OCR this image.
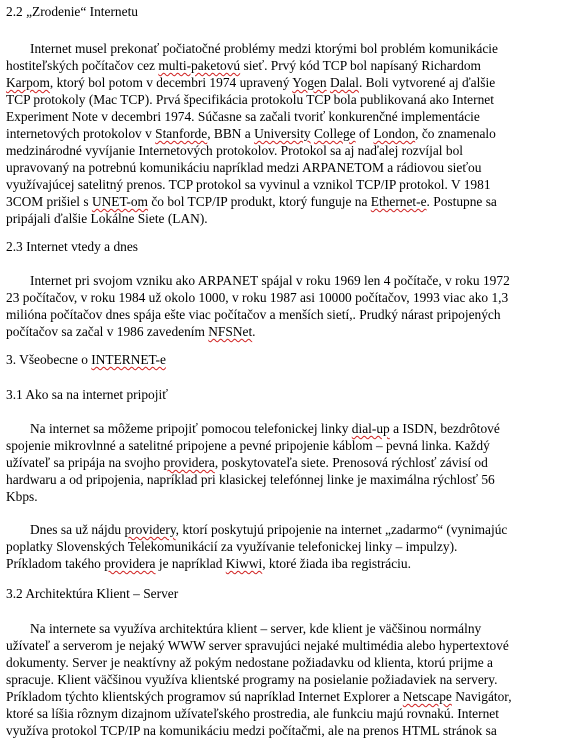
2.2 „Zrodenie“ Internetu
Internet musel prekonať počiatočné problémy medzi ktorými bol problém komunikácie
hostiteľských počítačov cez multi-paketovú sieť. Prvý kód TCP bol napísaný Richardom
Karpom, ktorý bol potom v decembri 1974 upravený Yogen Dalal. Boli vytvorené aj ďalšie
TCP protokoly (Mac TCP). Prvá špecifikácia protokolu TCP bola publikovaná ako Internet
Experiment Note v decembri 1974. Súčasne sa začali tvoriť konkurenčné implementácie
internetových protokolov v Stanforde, BBN a University College of London, čo znamenalo
medzinárodné vyvíjanie Internetových protokolov. Protokol sa aj naďalej rozvíjal bol
upravovaný na potrebnú komunikáciu napríklad medzi ARPANETOM a rádiovou sieťou
využívajúcej satelitný prenos. TCP protokol sa vyvinul a vznikol TCP/IP protokol. V 1981
3COM prišiel s UNET-om čo bol TCP/IP produkt, ktorý funguje na Ethernet-e. Postupne sa
pripájali ďalšie Lokálne Siete (LAN).
2.3 Internet vtedy a dnes
Internet pri svojom vzniku ako ARPANET spájal v roku 1969 len 4 počítače, v roku 1972
23 počítačov, v roku 1984 už okolo 1000, v roku 1987 asi 10000 počítačov, 1993 viac ako 1,3
milióna počítačov dnes spája ešte viac počítačov a menších sietí,. Prudký nárast pripojených
počítačov sa začal v 1986 zavedením NFSNet.
3. Všeobecne o INTERNET-e
3.1 Ako sa na internet pripojiť
Na internet sa môžeme pripojiť pomocou telefonickej linky dial-up a ISDN, bezdrôtové
spojenie mikrovlnné a satelitné pripojene a pevné pripojenie káblom – pevná linka. Každý
užívateľ sa pripája na svojho providera, poskytovateľa siete. Prenosová rýchlosť závisí od
hardwaru a od pripojenia, napríklad pri klasickej telefónnej linke je maximálna rýchlosť 56
Kbps.
Dnes sa už nájdu providery, ktorí poskytujú pripojenie na internet „zadarmo“ (vynimajúc
poplatky Slovenských Telekomunikácií za využívanie telefonickej linky – impulzy).
Príkladom takého providera je napríklad Kiwwi, ktoré žiada iba registráciu.
3.2 Architektúra Klient – Server
Na internete sa využíva architektúra klient – server, kde klient je väčšinou normálny
užívateľ a serverom je nejaký WWW server spravujúci nejaké multimédia alebo hypertextové
dokumenty. Server je neaktívny až pokým nedostane požiadavku od klienta, ktorú prijme a
spracuje. Klient väčšinou využíva klientské programy na posielanie požiadaviek na servery.
Príkladom týchto klientských programov sú napríklad Internet Explorer a Netscape Navigátor,
ktoré sa líšia rôznym dizajnom užívateľského prostredia, ale funkciu majú rovnakú. Internet
využíva protokol TCP/IP na komunikáciu medzi počítačmi, ale na prenos HTML stránok sa
